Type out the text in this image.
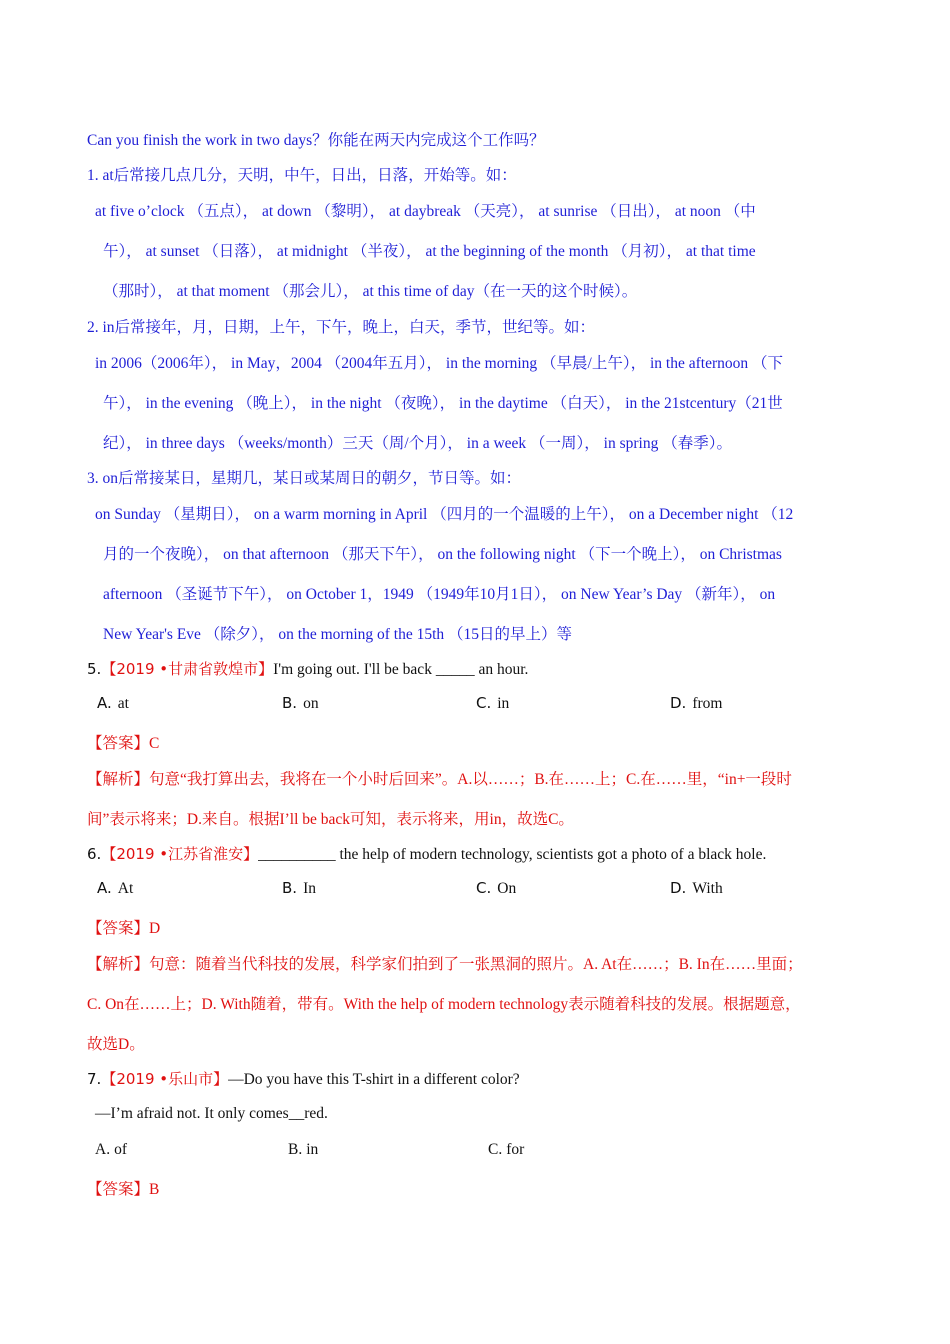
Can you finish the work in two days？你能在两天内完成这个工作吗？
1. at后常接几点几分，天明，中午，日出，日落，开始等。如：
at five o’clock （五点）， at down （黎明）， at daybreak （天亮）， at sunrise （日出）， at noon （中
午）， at sunset （日落）， at midnight （半夜）， at the beginning of the month （月初）， at that time
（那时）， at that moment （那会儿）， at this time of day（在一天的这个时候）。
2. in后常接年，月，日期，上午，下午，晚上，白天，季节，世纪等。如：
in 2006（2006年）， in May，2004 （2004年五月）， in the morning （早晨/上午）， in the afternoon （下
午）， in the evening （晚上）， in the night （夜晚）， in the daytime （白天）， in the 21stcentury（21世
纪）， in three days （weeks/month）三天（周/个月）， in a week （一周）， in spring （春季）。
3. on后常接某日，星期几，某日或某周日的朝夕，节日等。如：
on Sunday （星期日）， on a warm morning in April （四月的一个温暖的上午）， on a December night （12
月的一个夜晚）， on that afternoon （那天下午）， on the following night （下一个晚上）， on Christmas
afternoon （圣诞节下午）， on October 1，1949 （1949年10月1日）， on New Year’s Day （新年）， on
New Year's Eve （除夕）， on the morning of the 15th （15日的早上）等
5.【2019 •甘肃省敦煌市】I'm going out. I'll be back _____ an hour.
A. at	B. on	C. in	D. from
【答案】C
【解析】句意“我打算出去，我将在一个小时后回来”。A.以……；B.在……上；C.在……里，“in+一段时
间”表示将来；D.来自。根据I’ll be back可知，表示将来，用in，故选C。
6.【2019 •江苏省淮安】__________ the help of modern technology, scientists got a photo of a black hole.
A. At	B. In	C. On	D. With
【答案】D
【解析】句意：随着当代科技的发展，科学家们拍到了一张黑洞的照片。A. At在……；B. In在……里面；
C. On在……上；D. With随着，带有。With the help of modern technology表示随着科技的发展。根据题意，
故选D。
7.【2019 •乐山市】—Do you have this T-shirt in a different color?
—I’m afraid not. It only comes__red.
A. of	B. in	C. for
【答案】B
